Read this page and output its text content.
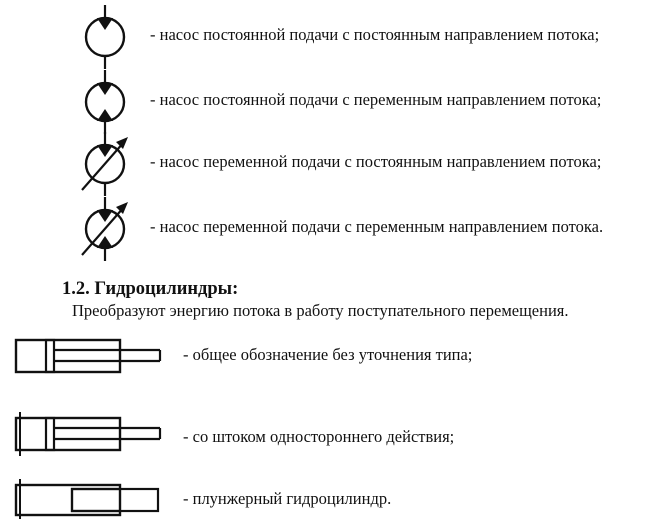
- насос постоянной подачи с постоянным направлением потока;
- насос постоянной подачи с переменным направлением потока;
- насос переменной подачи с постоянным направлением потока;
- насос переменной подачи с переменным направлением потока.
1.2. Гидроцилиндры:
Преобразуют энергию потока в работу поступательного перемещения.
- общее обозначение без уточнения типа;
- со штоком одностороннего действия;
- плунжерный гидроцилиндр.
